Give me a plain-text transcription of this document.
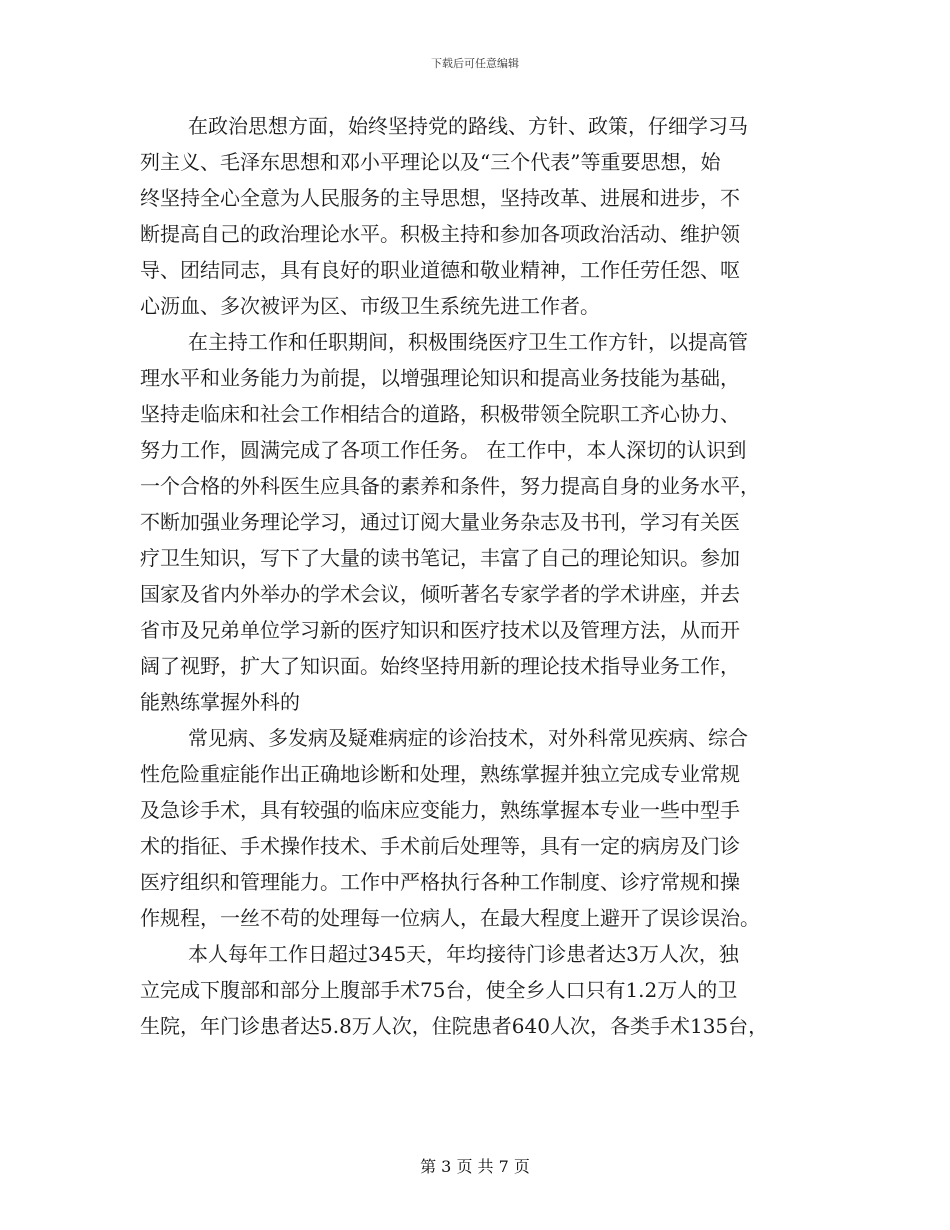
下载后可任意编辑
在政治思想方面，始终坚持党的路线、方针、政策，仔细学习马
列主义、毛泽东思想和邓小平理论以及“三个代表”等重要思想，始
终坚持全心全意为人民服务的主导思想，坚持改革、进展和进步，不
断提高自己的政治理论水平。积极主持和参加各项政治活动、维护领
导、团结同志，具有良好的职业道德和敬业精神，工作任劳任怨、呕
心沥血、多次被评为区、市级卫生系统先进工作者。
在主持工作和任职期间，积极围绕医疗卫生工作方针，以提高管
理水平和业务能力为前提，以增强理论知识和提高业务技能为基础，
坚持走临床和社会工作相结合的道路，积极带领全院职工齐心协力、
努力工作，圆满完成了各项工作任务。 在工作中，本人深切的认识到
一个合格的外科医生应具备的素养和条件，努力提高自身的业务水平，
不断加强业务理论学习，通过订阅大量业务杂志及书刊，学习有关医
疗卫生知识，写下了大量的读书笔记，丰富了自己的理论知识。参加
国家及省内外举办的学术会议，倾听著名专家学者的学术讲座，并去
省市及兄弟单位学习新的医疗知识和医疗技术以及管理方法，从而开
阔了视野，扩大了知识面。始终坚持用新的理论技术指导业务工作，
能熟练掌握外科的
常见病、多发病及疑难病症的诊治技术，对外科常见疾病、综合
性危险重症能作出正确地诊断和处理，熟练掌握并独立完成专业常规
及急诊手术，具有较强的临床应变能力，熟练掌握本专业一些中型手
术的指征、手术操作技术、手术前后处理等，具有一定的病房及门诊
医疗组织和管理能力。工作中严格执行各种工作制度、诊疗常规和操
作规程，一丝不苟的处理每一位病人，在最大程度上避开了误诊误治。
本人每年工作日超过345天，年均接待门诊患者达3万人次，独
立完成下腹部和部分上腹部手术75台，使全乡人口只有1.2万人的卫
生院，年门诊患者达5.8万人次，住院患者640人次，各类手术135台，
第 3 页 共 7 页
